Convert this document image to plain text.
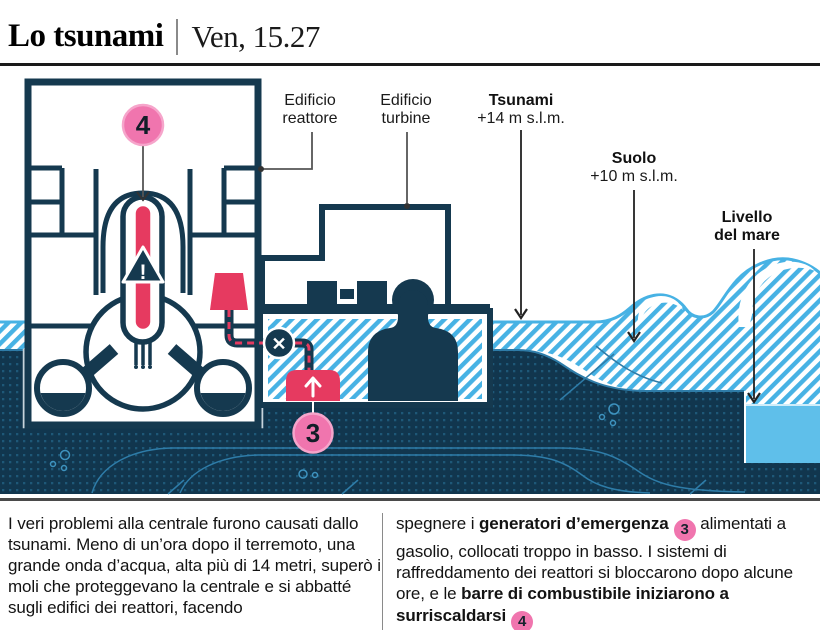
Lo tsunami Ven, 15.27
!
✕
4
3
Edificio
reattore
Edificio
turbine
Tsunami
+14 m s.l.m.
Suolo
+10 m s.l.m.
Livello
del mare

I veri problemi alla centrale furono causati dallo tsunami. Meno di un’ora dopo il terremoto, una grande onda d’acqua, alta più di 14 metri, superò i moli che proteggevano la centrale e si abbatté sugli edifici dei reattori, facendo

spegnere i generatori d’emergenza 3 alimentati a gasolio, collocati troppo in basso. I sistemi di raffreddamento dei reattori si bloccarono dopo alcune ore, e le barre di combustibile iniziarono a surriscaldarsi 4
